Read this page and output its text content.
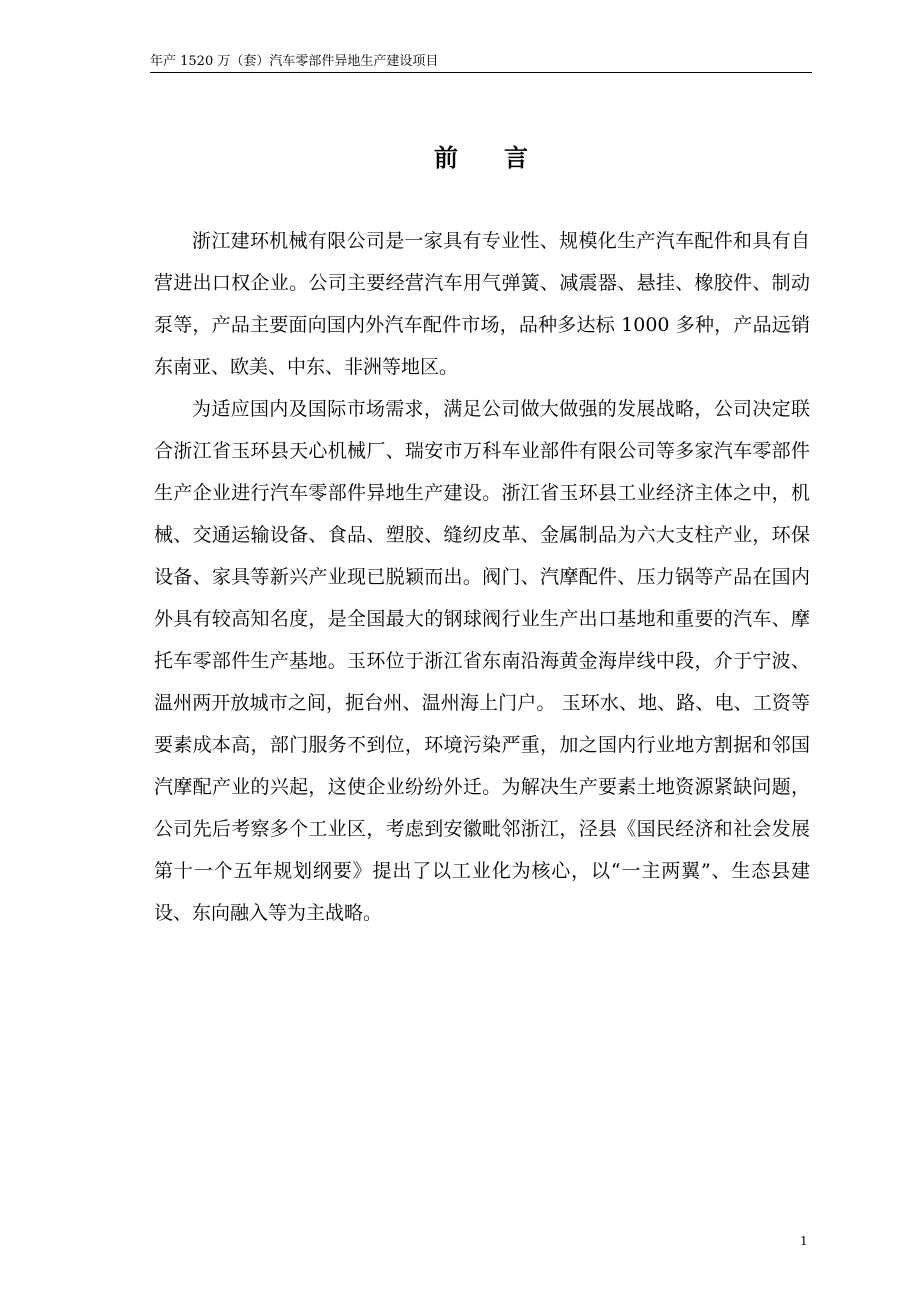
年产 1520 万（套）汽车零部件异地生产建设项目
前言

浙江建环机械有限公司是一家具有专业性、规模化生产汽车配件和具有自营进出口权企业。公司主要经营汽车用气弹簧、减震器、悬挂、橡胶件、制动泵等，产品主要面向国内外汽车配件市场，品种多达标 1000 多种，产品远销东南亚、欧美、中东、非洲等地区。

为适应国内及国际市场需求，满足公司做大做强的发展战略，公司决定联合浙江省玉环县天心机械厂、瑞安市万科车业部件有限公司等多家汽车零部件生产企业进行汽车零部件异地生产建设。浙江省玉环县工业经济主体之中，机械、交通运输设备、食品、塑胶、缝纫皮革、金属制品为六大支柱产业，环保设备、家具等新兴产业现已脱颖而出。阀门、汽摩配件、压力锅等产品在国内外具有较高知名度，是全国最大的钢球阀行业生产出口基地和重要的汽车、摩托车零部件生产基地。玉环位于浙江省东南沿海黄金海岸线中段，介于宁波、温州两开放城市之间，扼台州、温州海上门户。 玉环水、地、路、电、工资等要素成本高，部门服务不到位，环境污染严重，加之国内行业地方割据和邻国汽摩配产业的兴起，这使企业纷纷外迁。为解决生产要素土地资源紧缺问题，公司先后考察多个工业区，考虑到安徽毗邻浙江，泾县《国民经济和社会发展第十一个五年规划纲要》提出了以工业化为核心，以“一主两翼”、生态县建设、东向融入等为主战略。

1
